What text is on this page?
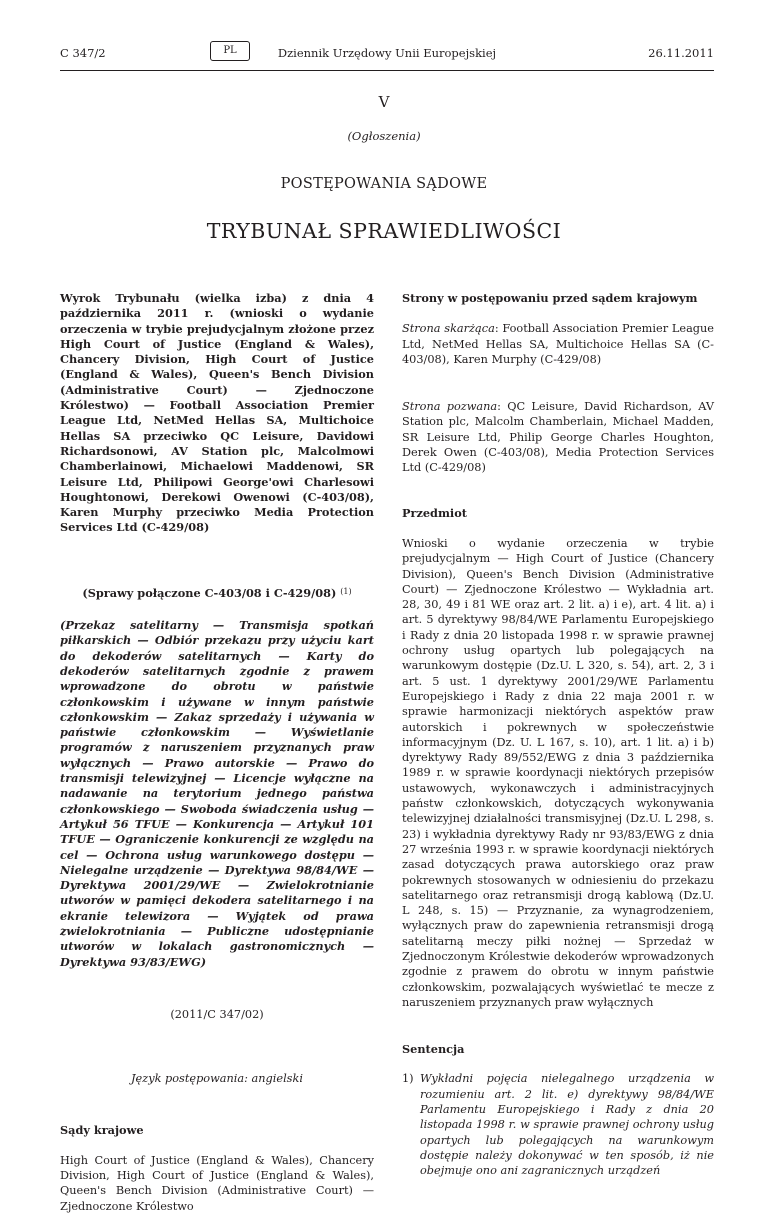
C 347/2	Dziennik Urzędowy Unii Europejskiej
PL	26.11.2011
V
(Ogłoszenia)
POSTĘPOWANIA SĄDOWE
TRYBUNAŁ SPRAWIEDLIWOŚCI

Wyrok Trybunału (wielka izba) z dnia 4 października 2011 r. (wnioski o wydanie orzeczenia w trybie prejudycjalnym złożone przez High Court of Justice (England & Wales), Chancery Division, High Court of Justice (England & Wales), Queen's Bench Division (Administrative Court) — Zjednoczone Królestwo) — Football Association Premier League Ltd, NetMed Hellas SA, Multichoice Hellas SA przeciwko QC Leisure, Davidowi Richardsonowi, AV Station plc, Malcolmowi Chamberlainowi, Michaelowi Maddenowi, SR Leisure Ltd, Philipowi George'owi Charlesowi Houghtonowi, Derekowi Owenowi (C-403/08), Karen Murphy przeciwko Media Protection Services Ltd (C-429/08)

(Sprawy połączone C-403/08 i C-429/08) $^{(1)}$

(Przekaz satelitarny — Transmisja spotkań piłkarskich — Odbiór przekazu przy użyciu kart do dekoderów satelitarnych — Karty do dekoderów satelitarnych zgodnie z prawem wprowadzone do obrotu w państwie członkowskim i używane w innym państwie członkowskim — Zakaz sprzedaży i używania w państwie członkowskim — Wyświetlanie programów z naruszeniem przyznanych praw wyłącznych — Prawo autorskie — Prawo do transmisji telewizyjnej — Licencje wyłączne na nadawanie na terytorium jednego państwa członkowskiego — Swoboda świadczenia usług — Artykuł 56 TFUE — Konkurencja — Artykuł 101 TFUE — Ograniczenie konkurencji ze względu na cel — Ochrona usług warunkowego dostępu — Nielegalne urządzenie — Dyrektywa 98/84/WE — Dyrektywa 2001/29/WE — Zwielokrotnianie utworów w pamięci dekodera satelitarnego i na ekranie telewizora — Wyjątek od prawa zwielokrotniania — Publiczne udostępnianie utworów w lokalach gastronomicznych — Dyrektywa 93/83/EWG)

(2011/C 347/02)

Język postępowania: angielski

Sądy krajowe

High Court of Justice (England & Wales), Chancery Division, High Court of Justice (England & Wales), Queen's Bench Division (Administrative Court) — Zjednoczone Królestwo

Strony w postępowaniu przed sądem krajowym

Strona skarżąca: Football Association Premier League Ltd, NetMed Hellas SA, Multichoice Hellas SA (C-403/08), Karen Murphy (C-429/08)

Strona pozwana: QC Leisure, David Richardson, AV Station plc, Malcolm Chamberlain, Michael Madden, SR Leisure Ltd, Philip George Charles Houghton, Derek Owen (C-403/08), Media Protection Services Ltd (C-429/08)

Przedmiot

Wnioski o wydanie orzeczenia w trybie prejudycjalnym — High Court of Justice (Chancery Division), Queen's Bench Division (Administrative Court) — Zjednoczone Królestwo — Wykładnia art. 28, 30, 49 i 81 WE oraz art. 2 lit. a) i e), art. 4 lit. a) i art. 5 dyrektywy 98/84/WE Parlamentu Europejskiego i Rady z dnia 20 listopada 1998 r. w sprawie prawnej ochrony usług opartych lub polegających na warunkowym dostępie (Dz.U. L 320, s. 54), art. 2, 3 i art. 5 ust. 1 dyrektywy 2001/29/WE Parlamentu Europejskiego i Rady z dnia 22 maja 2001 r. w sprawie harmonizacji niektórych aspektów praw autorskich i pokrewnych w społeczeństwie informacyjnym (Dz. U. L 167, s. 10), art. 1 lit. a) i b) dyrektywy Rady 89/552/EWG z dnia 3 października 1989 r. w sprawie koordynacji niektórych przepisów ustawowych, wykonawczych i administracyjnych państw członkowskich, dotyczących wykonywania telewizyjnej działalności transmisyjnej (Dz.U. L 298, s. 23) i wykładnia dyrektywy Rady nr 93/83/EWG z dnia 27 września 1993 r. w sprawie koordynacji niektórych zasad dotyczących prawa autorskiego oraz praw pokrewnych stosowanych w odniesieniu do przekazu satelitarnego oraz retransmisji drogą kablową (Dz.U. L 248, s. 15) — Przyznanie, za wynagrodzeniem, wyłącznych praw do zapewnienia retransmisji drogą satelitarną meczy piłki nożnej — Sprzedaż w Zjednoczonym Królestwie dekoderów wprowadzonych zgodnie z prawem do obrotu w innym państwie członkowskim, pozwalających wyświetlać te mecze z naruszeniem przyznanych praw wyłącznych

Sentencja

1) Wykładni pojęcia nielegalnego urządzenia w rozumieniu art. 2 lit. e) dyrektywy 98/84/WE Parlamentu Europejskiego i Rady z dnia 20 listopada 1998 r. w sprawie prawnej ochrony usług opartych lub polegających na warunkowym dostępie należy dokonywać w ten sposób, iż nie obejmuje ono ani zagranicznych urządzeń
